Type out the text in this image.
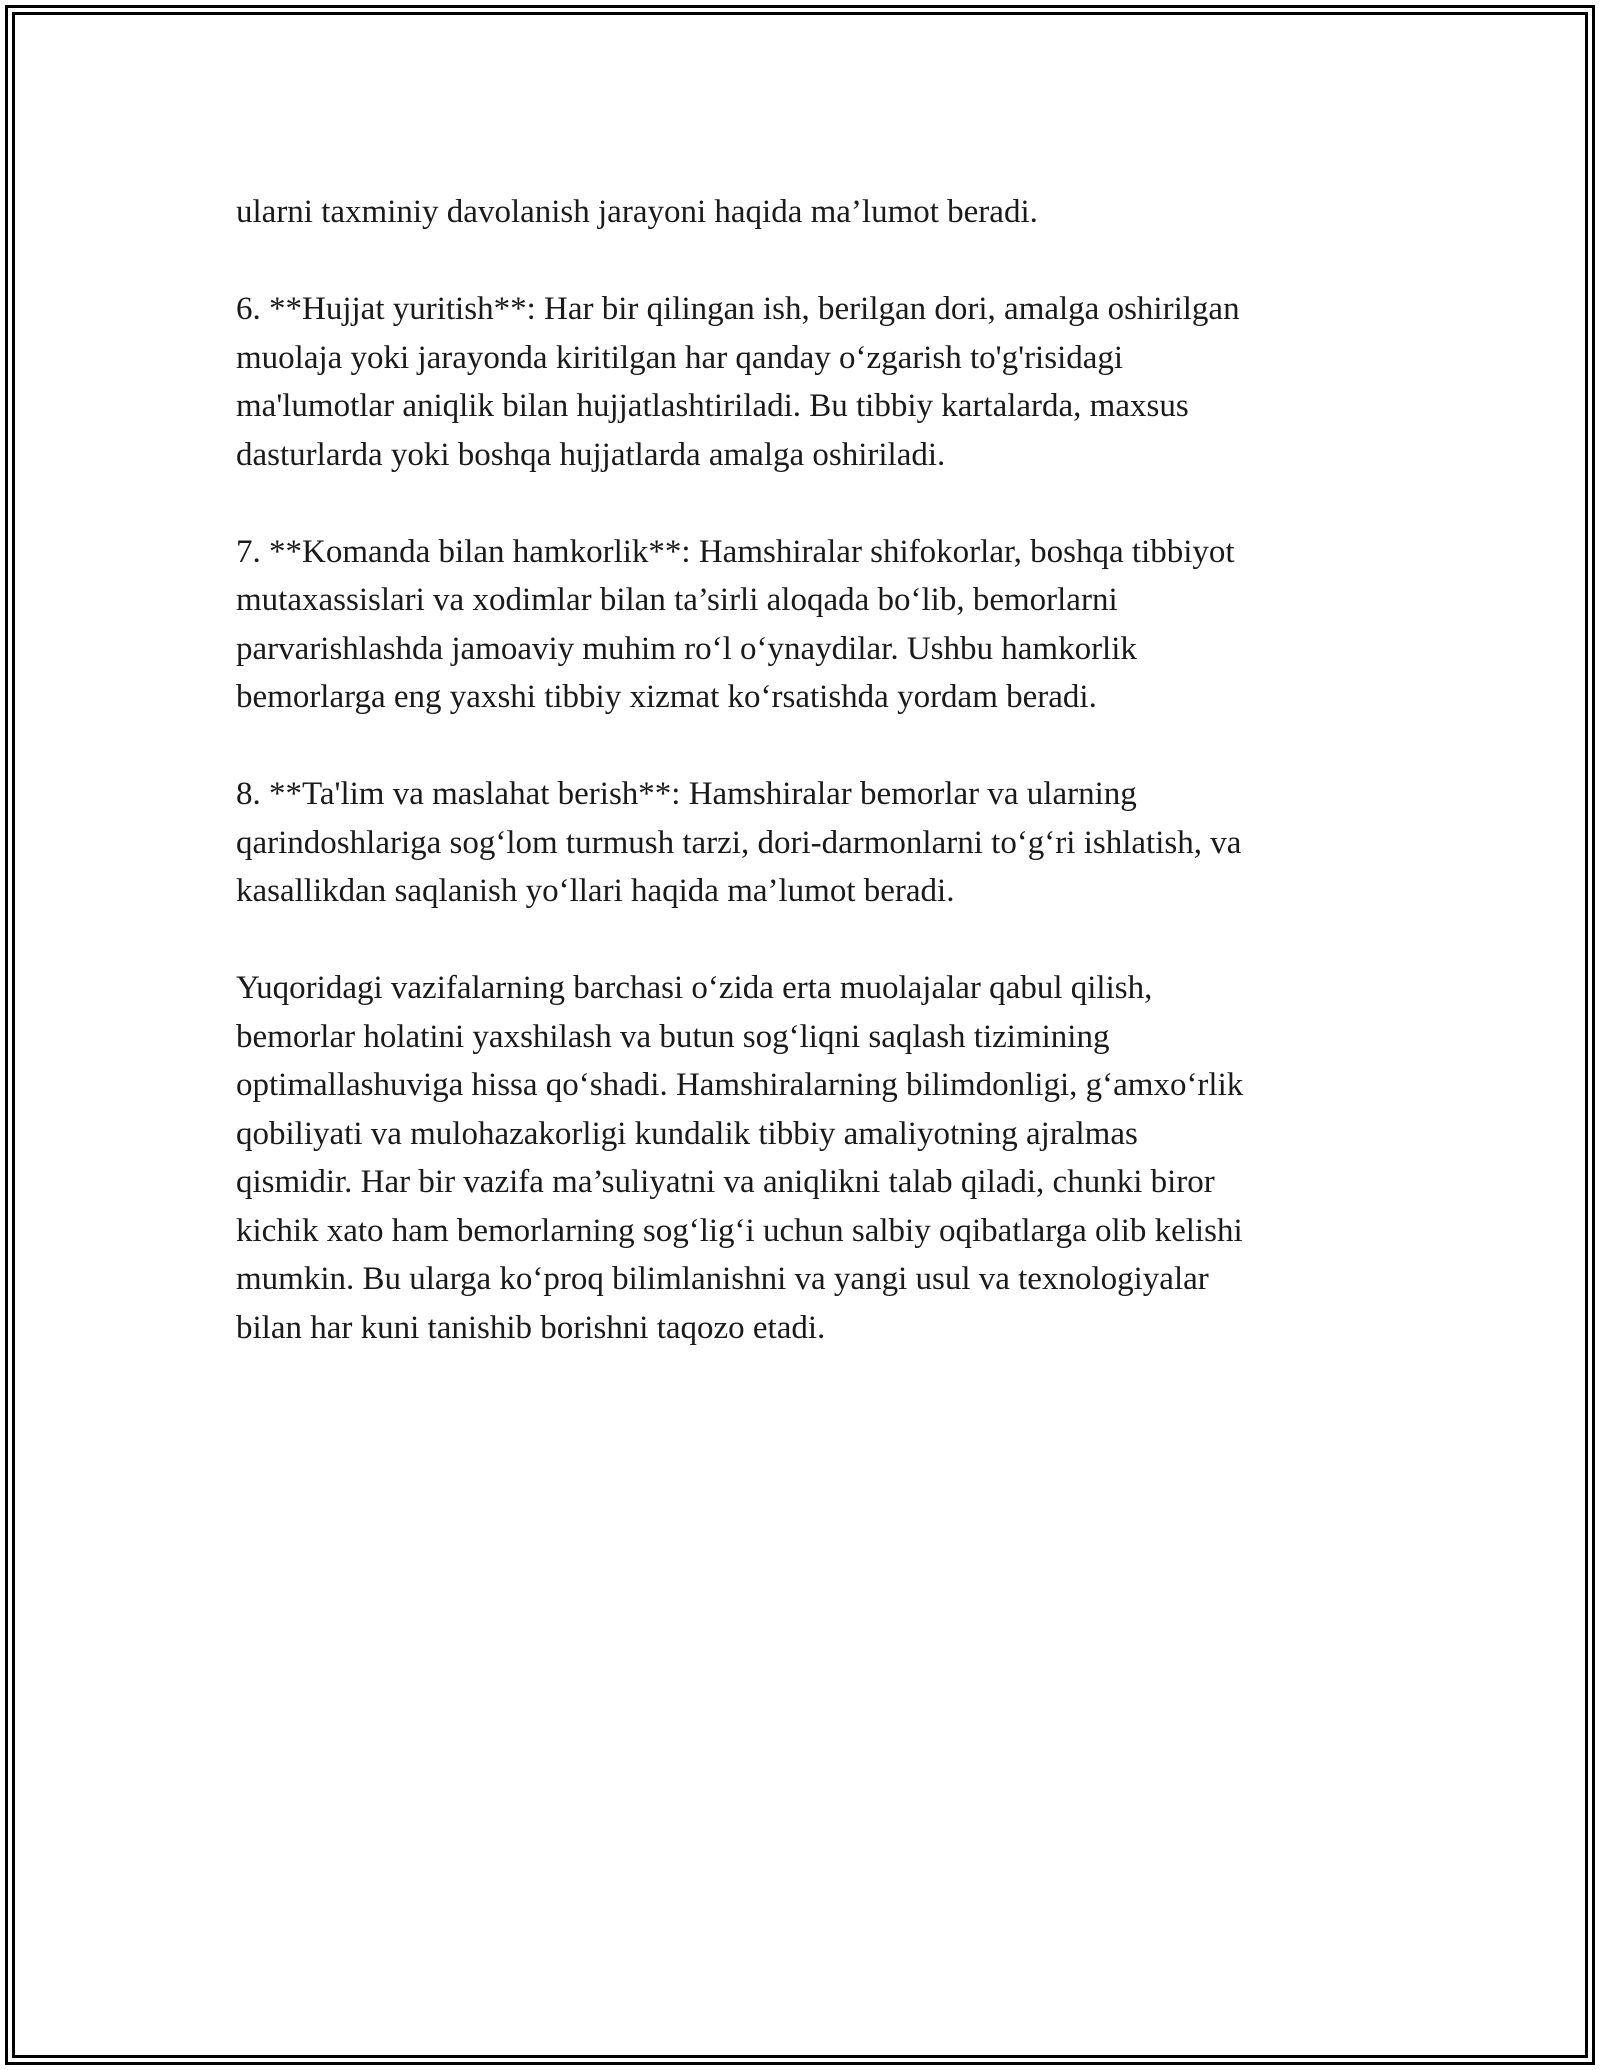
ularni taxminiy davolanish jarayoni haqida ma’lumot beradi.
6. **Hujjat yuritish**: Har bir qilingan ish, berilgan dori, amalga oshirilgan
muolaja yoki jarayonda kiritilgan har qanday o‘zgarish to'g'risidagi
ma'lumotlar aniqlik bilan hujjatlashtiriladi. Bu tibbiy kartalarda, maxsus
dasturlarda yoki boshqa hujjatlarda amalga oshiriladi.
7. **Komanda bilan hamkorlik**: Hamshiralar shifokorlar, boshqa tibbiyot
mutaxassislari va xodimlar bilan ta’sirli aloqada bo‘lib, bemorlarni
parvarishlashda jamoaviy muhim ro‘l o‘ynaydilar. Ushbu hamkorlik
bemorlarga eng yaxshi tibbiy xizmat ko‘rsatishda yordam beradi.
8. **Ta'lim va maslahat berish**: Hamshiralar bemorlar va ularning
qarindoshlariga sog‘lom turmush tarzi, dori-darmonlarni to‘g‘ri ishlatish, va
kasallikdan saqlanish yo‘llari haqida ma’lumot beradi.
Yuqoridagi vazifalarning barchasi o‘zida erta muolajalar qabul qilish,
bemorlar holatini yaxshilash va butun sog‘liqni saqlash tizimining
optimallashuviga hissa qo‘shadi. Hamshiralarning bilimdonligi, g‘amxo‘rlik
qobiliyati va mulohazakorligi kundalik tibbiy amaliyotning ajralmas
qismidir. Har bir vazifa ma’suliyatni va aniqlikni talab qiladi, chunki biror
kichik xato ham bemorlarning sog‘lig‘i uchun salbiy oqibatlarga olib kelishi
mumkin. Bu ularga ko‘proq bilimlanishni va yangi usul va texnologiyalar
bilan har kuni tanishib borishni taqozo etadi.
